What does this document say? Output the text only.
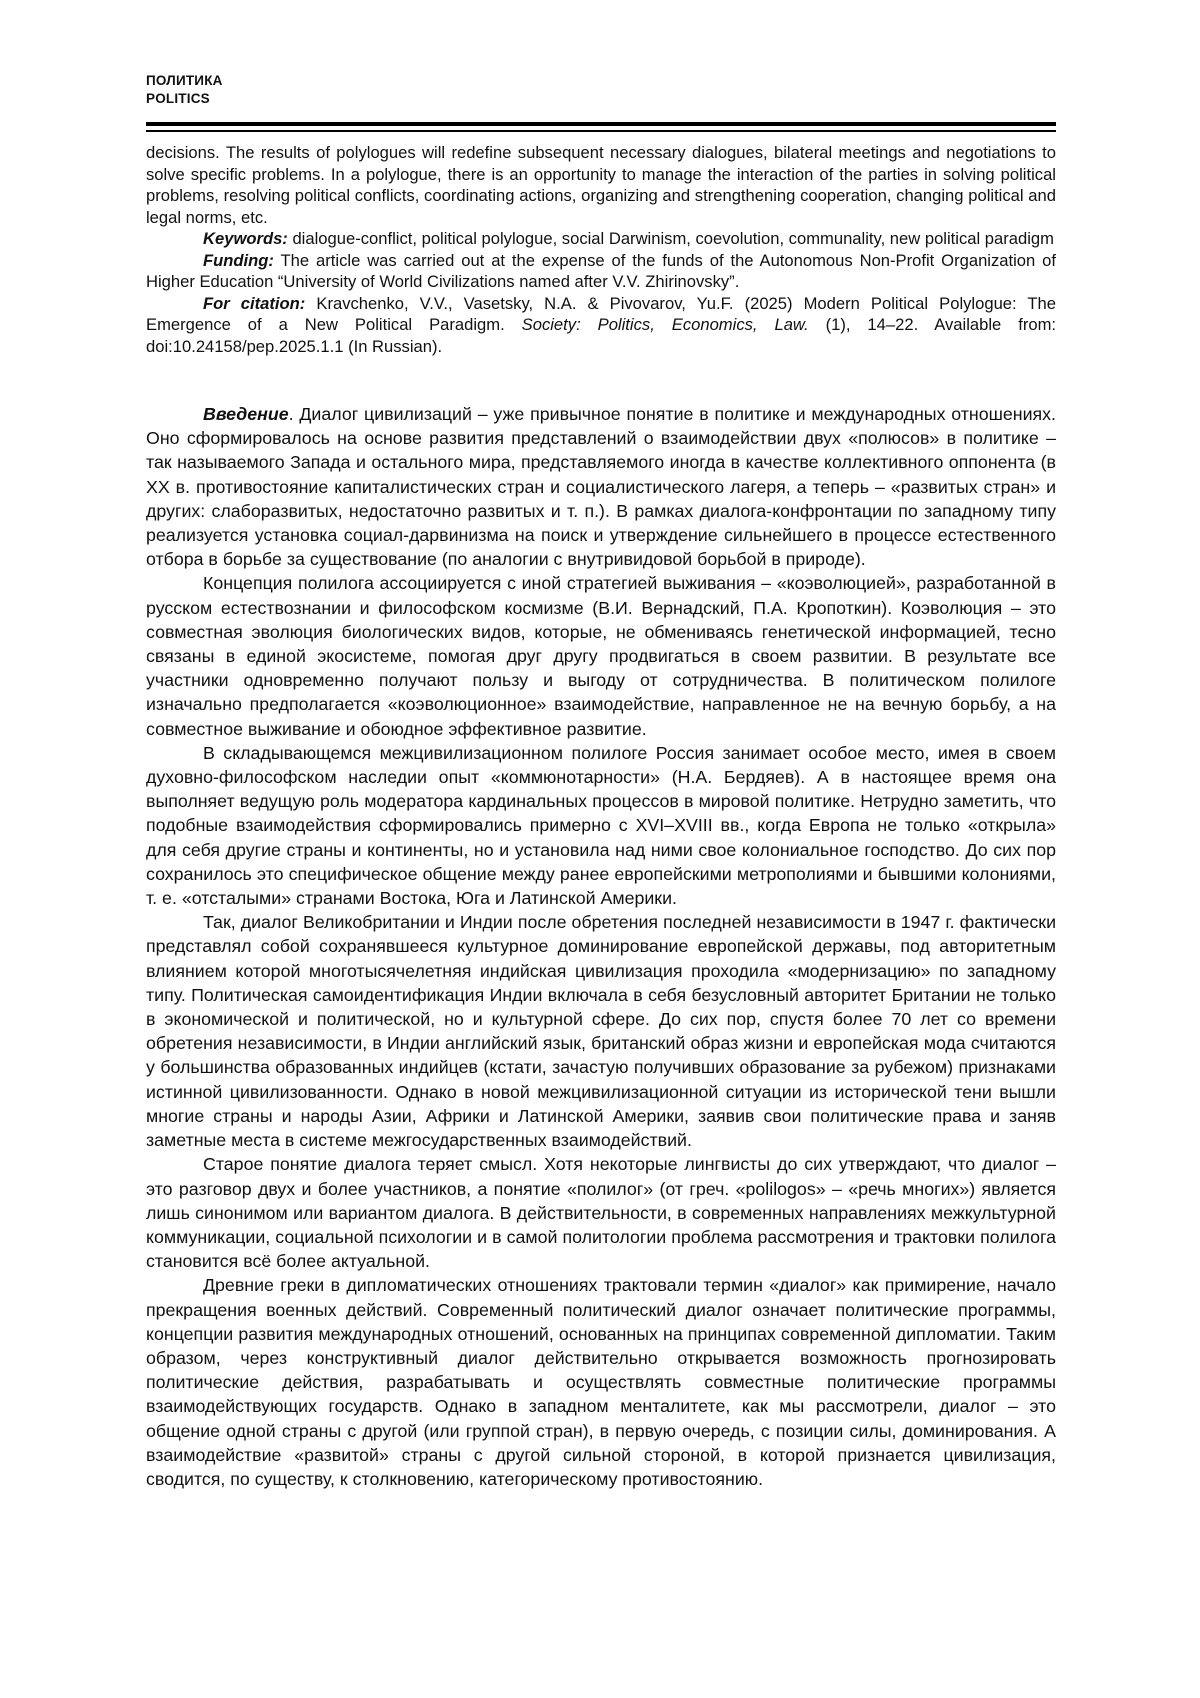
ПОЛИТИКА
POLITICS

decisions. The results of polylogues will redefine subsequent necessary dialogues, bilateral meetings and negotiations to solve specific problems. In a polylogue, there is an opportunity to manage the interaction of the parties in solving political problems, resolving political conflicts, coordinating actions, organizing and strengthening cooperation, changing political and legal norms, etc.

Keywords: dialogue-conflict, political polylogue, social Darwinism, coevolution, communality, new political paradigm

Funding: The article was carried out at the expense of the funds of the Autonomous Non-Profit Organization of Higher Education “University of World Civilizations named after V.V. Zhirinovsky”.

For citation: Kravchenko, V.V., Vasetsky, N.A. & Pivovarov, Yu.F. (2025) Modern Political Polylogue: The Emergence of a New Political Paradigm. Society: Politics, Economics, Law. (1), 14–22. Available from: doi:10.24158/pep.2025.1.1 (In Russian).

Введение. Диалог цивилизаций – уже привычное понятие в политике и международных отношениях. Оно сформировалось на основе развития представлений о взаимодействии двух «полюсов» в политике – так называемого Запада и остального мира, представляемого иногда в качестве коллективного оппонента (в ХХ в. противостояние капиталистических стран и социалистического лагеря, а теперь – «развитых стран» и других: слаборазвитых, недостаточно развитых и т. п.). В рамках диалога-конфронтации по западному типу реализуется установка социал-дарвинизма на поиск и утверждение сильнейшего в процессе естественного отбора в борьбе за существование (по аналогии с внутривидовой борьбой в природе).

Концепция полилога ассоциируется с иной стратегией выживания – «коэволюцией», разработанной в русском естествознании и философском космизме (В.И. Вернадский, П.А. Кропоткин). Коэволюция – это совместная эволюция биологических видов, которые, не обмениваясь генетической информацией, тесно связаны в единой экосистеме, помогая друг другу продвигаться в своем развитии. В результате все участники одновременно получают пользу и выгоду от сотрудничества. В политическом полилоге изначально предполагается «коэволюционное» взаимодействие, направленное не на вечную борьбу, а на совместное выживание и обоюдное эффективное развитие.

В складывающемся межцивилизационном полилоге Россия занимает особое место, имея в своем духовно-философском наследии опыт «коммюнотарности» (Н.А. Бердяев). А в настоящее время она выполняет ведущую роль модератора кардинальных процессов в мировой политике. Нетрудно заметить, что подобные взаимодействия сформировались примерно с XVI–XVIII вв., когда Европа не только «открыла» для себя другие страны и континенты, но и установила над ними свое колониальное господство. До сих пор сохранилось это специфическое общение между ранее европейскими метрополиями и бывшими колониями, т. е. «отсталыми» странами Востока, Юга и Латинской Америки.

Так, диалог Великобритании и Индии после обретения последней независимости в 1947 г. фактически представлял собой сохранявшееся культурное доминирование европейской державы, под авторитетным влиянием которой многотысячелетняя индийская цивилизация проходила «модернизацию» по западному типу. Политическая самоидентификация Индии включала в себя безусловный авторитет Британии не только в экономической и политической, но и культурной сфере. До сих пор, спустя более 70 лет со времени обретения независимости, в Индии английский язык, британский образ жизни и европейская мода считаются у большинства образованных индийцев (кстати, зачастую получивших образование за рубежом) признаками истинной цивилизованности. Однако в новой межцивилизационной ситуации из исторической тени вышли многие страны и народы Азии, Африки и Латинской Америки, заявив свои политические права и заняв заметные места в системе межгосударственных взаимодействий.

Старое понятие диалога теряет смысл. Хотя некоторые лингвисты до сих утверждают, что диалог – это разговор двух и более участников, а понятие «полилог» (от греч. «polilogos» – «речь многих») является лишь синонимом или вариантом диалога. В действительности, в современных направлениях межкультурной коммуникации, социальной психологии и в самой политологии проблема рассмотрения и трактовки полилога становится всё более актуальной.

Древние греки в дипломатических отношениях трактовали термин «диалог» как примирение, начало прекращения военных действий. Современный политический диалог означает политические программы, концепции развития международных отношений, основанных на принципах современной дипломатии. Таким образом, через конструктивный диалог действительно открывается возможность прогнозировать политические действия, разрабатывать и осуществлять совместные политические программы взаимодействующих государств. Однако в западном менталитете, как мы рассмотрели, диалог – это общение одной страны с другой (или группой стран), в первую очередь, с позиции силы, доминирования. А взаимодействие «развитой» страны с другой сильной стороной, в которой признается цивилизация, сводится, по существу, к столкновению, категорическому противостоянию.
